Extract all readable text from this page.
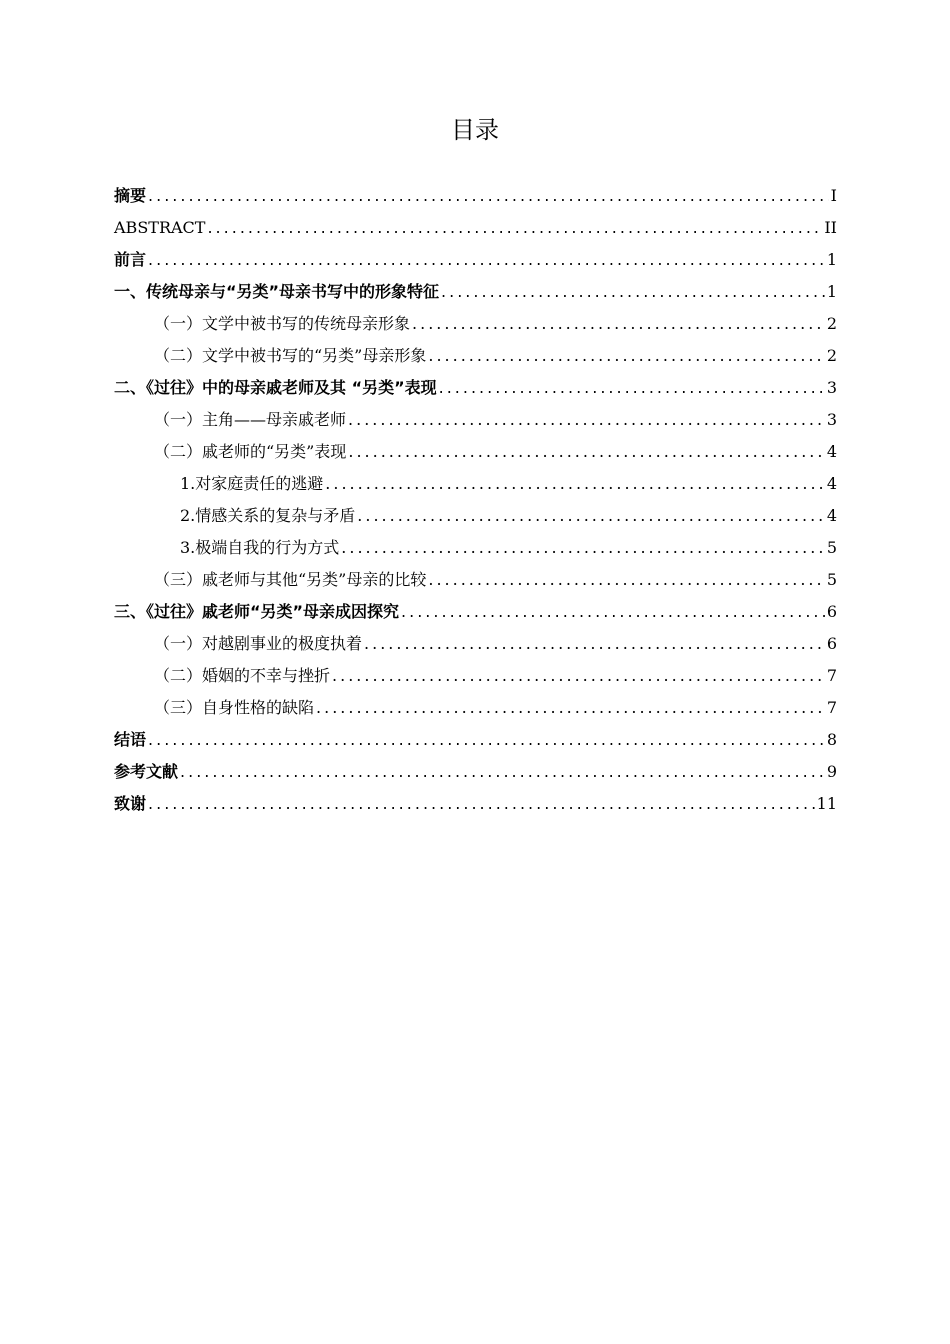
目录
摘要 .....	I
ABSTRACT .....	II
前言 .....	1
一、传统母亲与“另类”母亲书写中的形象特征 .....	1
（一）文学中被书写的传统母亲形象 .....	2
（二）文学中被书写的“另类”母亲形象 .....	2
二、《过往》中的母亲戚老师及其 “另类”表现 .....	3
（一）主角——母亲戚老师 .....	3
（二）戚老师的“另类”表现 .....	4
1.对家庭责任的逃避 .....	4
2.情感关系的复杂与矛盾 .....	4
3.极端自我的行为方式 .....	5
（三）戚老师与其他“另类”母亲的比较 .....	5
三、《过往》戚老师“另类”母亲成因探究 .....	6
（一）对越剧事业的极度执着 .....	6
（二）婚姻的不幸与挫折 .....	7
（三）自身性格的缺陷 .....	7
结语 .....	8
参考文献 .....	9
致谢 .....	11
